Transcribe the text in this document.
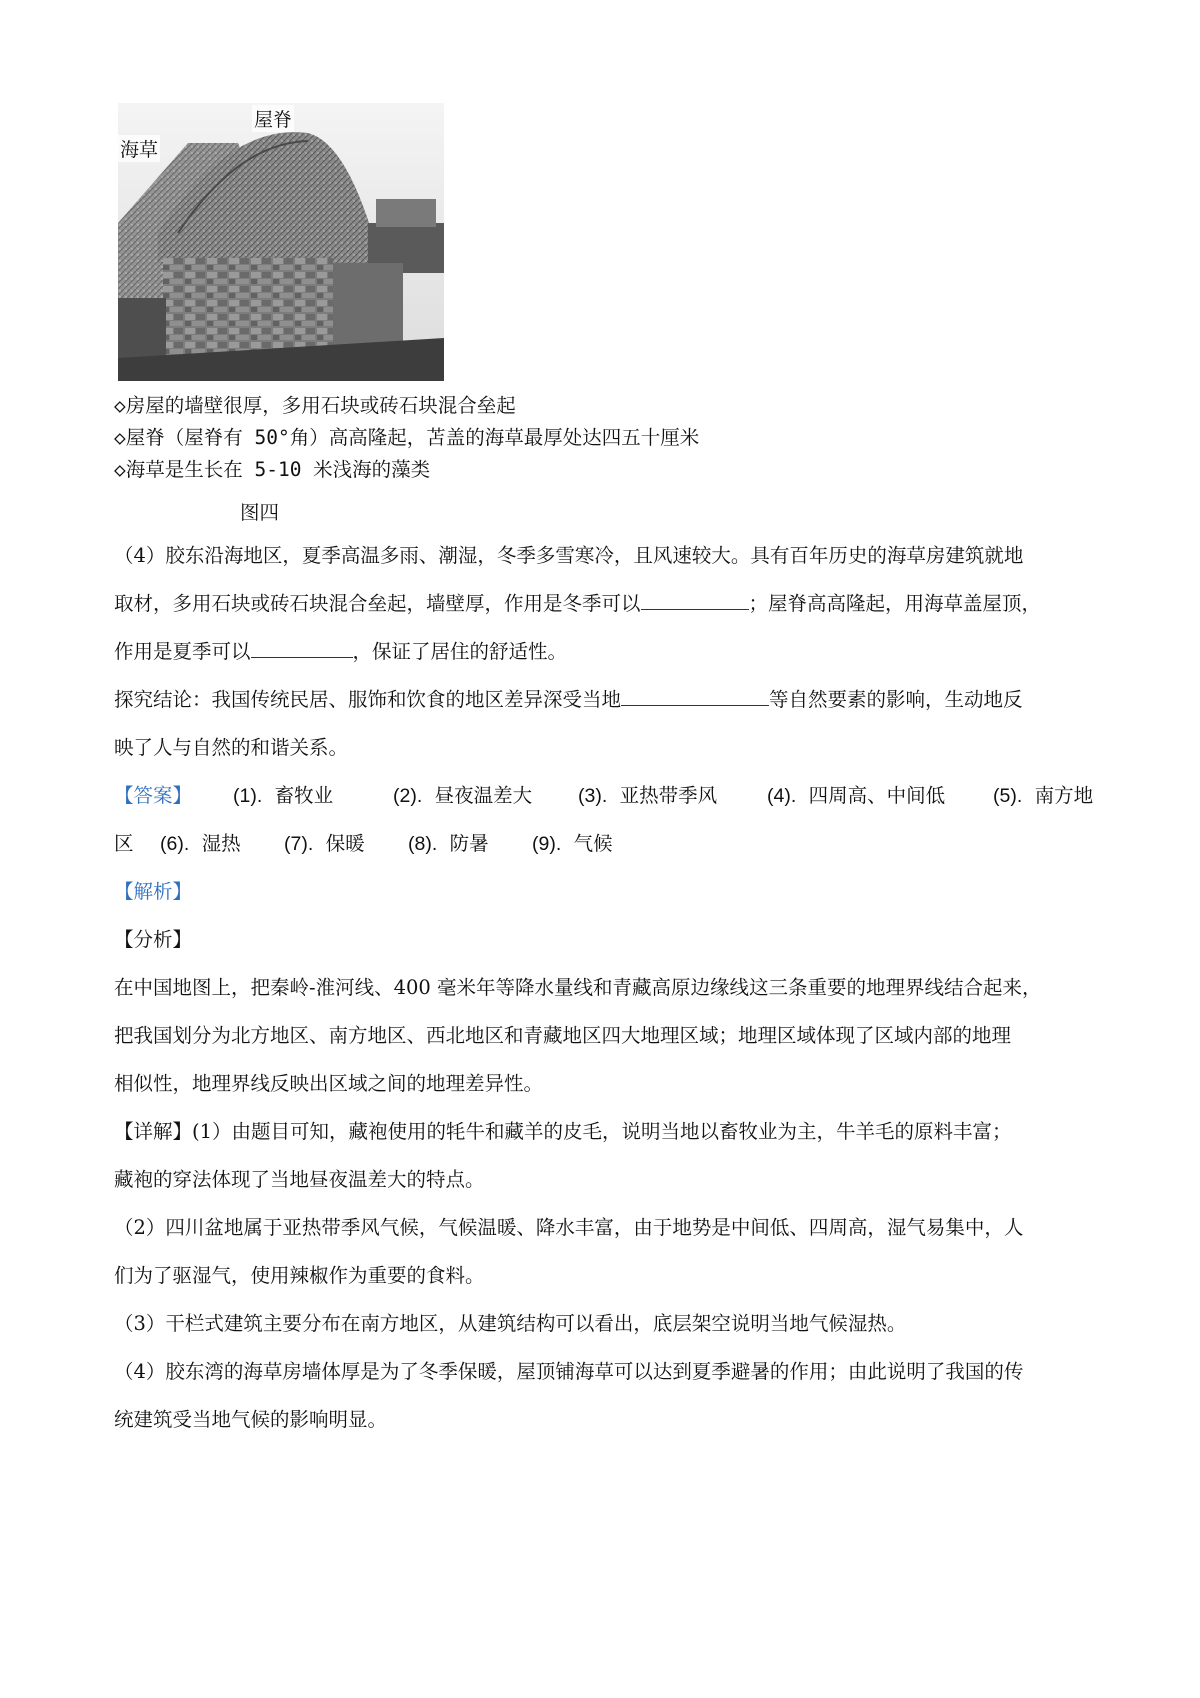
海草
屋脊
◇房屋的墙壁很厚，多用石块或砖石块混合垒起
◇屋脊（屋脊有 50°角）高高隆起，苫盖的海草最厚处达四五十厘米
◇海草是生长在 5-10 米浅海的藻类
图四
（4）胶东沿海地区，夏季高温多雨、潮湿，冬季多雪寒冷，且风速较大。具有百年历史的海草房建筑就地
取材，多用石块或砖石块混合垒起，墙壁厚，作用是冬季可以	；屋脊高高隆起，用海草盖屋顶，
作用是夏季可以	，保证了居住的舒适性。
探究结论：我国传统民居、服饰和饮食的地区差异深受当地	等自然要素的影响，生动地反
映了人与自然的和谐关系。
【答案】 (1). 畜牧业	(2). 昼夜温差大 (3). 亚热带季风	(4). 四周高、中间低 (5). 南方地
区 (6). 湿热 (7). 保暖 (8). 防暑 (9). 气候
【解析】
【分析】
在中国地图上，把秦岭-淮河线、400 毫米年等降水量线和青藏高原边缘线这三条重要的地理界线结合起来，
把我国划分为北方地区、南方地区、西北地区和青藏地区四大地理区域；地理区域体现了区域内部的地理
相似性，地理界线反映出区域之间的地理差异性。
【详解】(1）由题目可知，藏袍使用的牦牛和藏羊的皮毛，说明当地以畜牧业为主，牛羊毛的原料丰富；
藏袍的穿法体现了当地昼夜温差大的特点。
（2）四川盆地属于亚热带季风气候，气候温暖、降水丰富，由于地势是中间低、四周高，湿气易集中，人
们为了驱湿气，使用辣椒作为重要的食料。
（3）干栏式建筑主要分布在南方地区，从建筑结构可以看出，底层架空说明当地气候湿热。
（4）胶东湾的海草房墙体厚是为了冬季保暖，屋顶铺海草可以达到夏季避暑的作用；由此说明了我国的传
统建筑受当地气候的影响明显。
